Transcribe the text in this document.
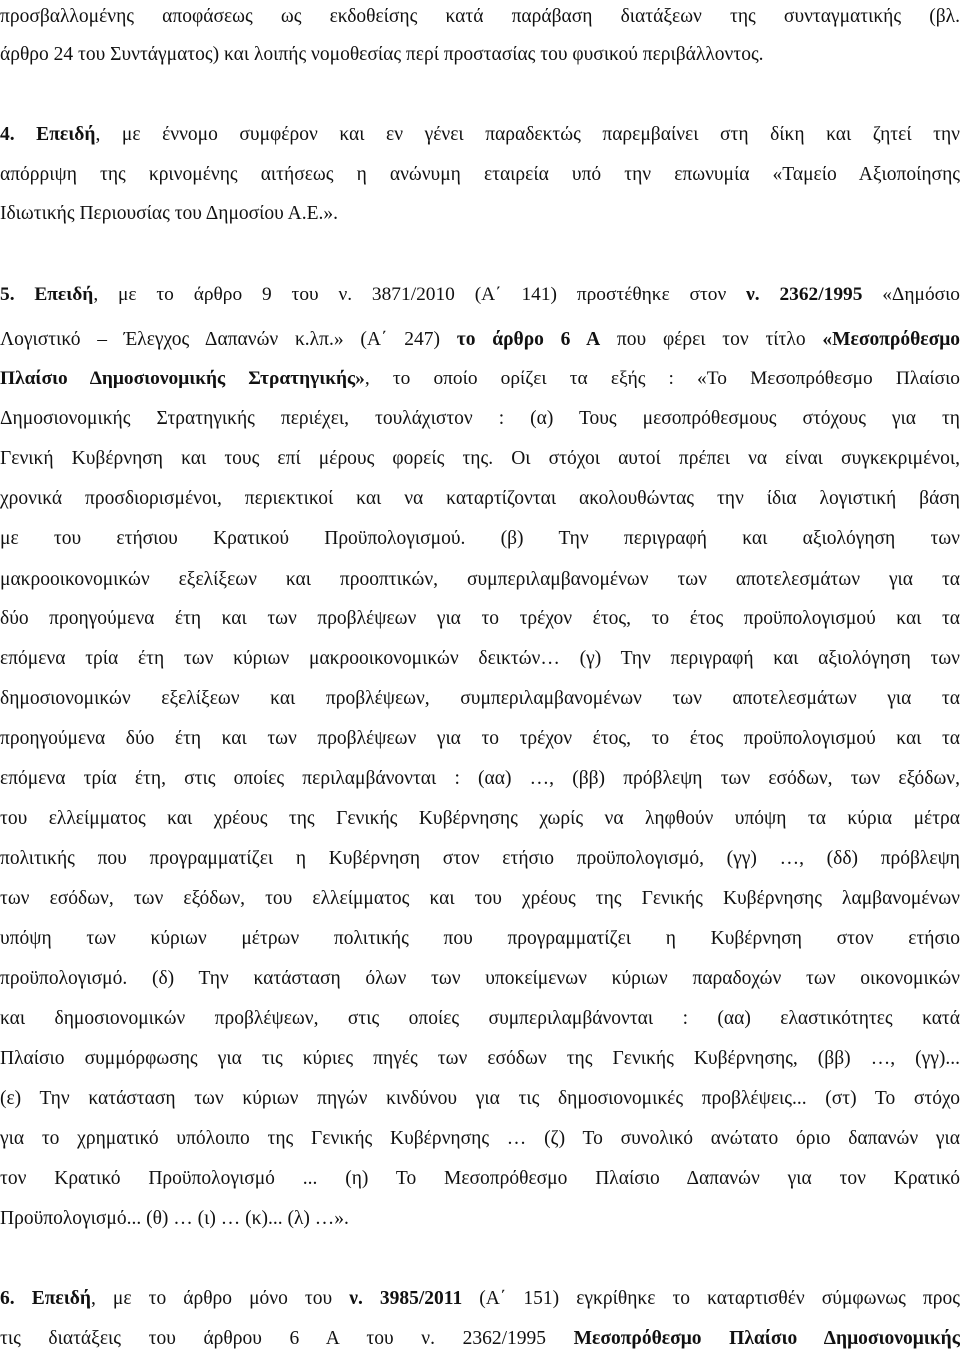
προσβαλλομένης αποφάσεως ως εκδοθείσης κατά παράβαση διατάξεων της συνταγματικής (βλ.
άρθρο 24 του Συντάγματος) και λοιπής νομοθεσίας περί προστασίας του φυσικού περιβάλλοντος.
4. Επειδή, με έννομο συμφέρον και εν γένει παραδεκτώς παρεμβαίνει στη δίκη και ζητεί την
απόρριψη της κρινομένης αιτήσεως η ανώνυμη εταιρεία υπό την επωνυμία «Ταμείο Αξιοποίησης
Ιδιωτικής Περιουσίας του Δημοσίου Α.Ε.».
5. Επειδή, με το άρθρο 9 του ν. 3871/2010 (Α΄ 141) προστέθηκε στον ν. 2362/1995 «Δημόσιο
Λογιστικό – Έλεγχος Δαπανών κ.λπ.» (Α΄ 247) το άρθρο 6 Α που φέρει τον τίτλο «Μεσοπρόθεσμο
Πλαίσιο Δημοσιονομικής Στρατηγικής», το οποίο ορίζει τα εξής : «Το Μεσοπρόθεσμο Πλαίσιο
Δημοσιονομικής Στρατηγικής περιέχει, τουλάχιστον : (α) Τους μεσοπρόθεσμους στόχους για τη
Γενική Κυβέρνηση και τους επί μέρους φορείς της. Οι στόχοι αυτοί πρέπει να είναι συγκεκριμένοι,
χρονικά προσδιορισμένοι, περιεκτικοί και να καταρτίζονται ακολουθώντας την ίδια λογιστική βάση
με του ετήσιου Κρατικού Προϋπολογισμού. (β) Την περιγραφή και αξιολόγηση των
μακροοικονομικών εξελίξεων και προοπτικών, συμπεριλαμβανομένων των αποτελεσμάτων για τα
δύο προηγούμενα έτη και των προβλέψεων για το τρέχον έτος, το έτος προϋπολογισμού και τα
επόμενα τρία έτη των κύριων μακροοικονομικών δεικτών… (γ) Την περιγραφή και αξιολόγηση των
δημοσιονομικών εξελίξεων και προβλέψεων, συμπεριλαμβανομένων των αποτελεσμάτων για τα
προηγούμενα δύο έτη και των προβλέψεων για το τρέχον έτος, το έτος προϋπολογισμού και τα
επόμενα τρία έτη, στις οποίες περιλαμβάνονται : (αα) …, (ββ) πρόβλεψη των εσόδων, των εξόδων,
του ελλείμματος και χρέους της Γενικής Κυβέρνησης χωρίς να ληφθούν υπόψη τα κύρια μέτρα
πολιτικής που προγραμματίζει η Κυβέρνηση στον ετήσιο προϋπολογισμό, (γγ) …, (δδ) πρόβλεψη
των εσόδων, των εξόδων, του ελλείμματος και του χρέους της Γενικής Κυβέρνησης λαμβανομένων
υπόψη των κύριων μέτρων πολιτικής που προγραμματίζει η Κυβέρνηση στον ετήσιο
προϋπολογισμό. (δ) Την κατάσταση όλων των υποκείμενων κύριων παραδοχών των οικονομικών
και δημοσιονομικών προβλέψεων, στις οποίες συμπεριλαμβάνονται : (αα) ελαστικότητες κατά
Πλαίσιο συμμόρφωσης για τις κύριες πηγές των εσόδων της Γενικής Κυβέρνησης, (ββ) …, (γγ)...
(ε) Την κατάσταση των κύριων πηγών κινδύνου για τις δημοσιονομικές προβλέψεις... (στ) Το στόχο
για το χρηματικό υπόλοιπο της Γενικής Κυβέρνησης … (ζ) Το συνολικό ανώτατο όριο δαπανών για
τον Κρατικό Προϋπολογισμό ... (η) Το Μεσοπρόθεσμο Πλαίσιο Δαπανών για τον Κρατικό
Προϋπολογισμό... (θ) … (ι) … (κ)... (λ) …».
6. Επειδή, με το άρθρο μόνο του ν. 3985/2011 (Α΄ 151) εγκρίθηκε το καταρτισθέν σύμφωνως προς
τις διατάξεις του άρθρου 6 Α του ν. 2362/1995 Μεσοπρόθεσμο Πλαίσιο Δημοσιονομικής
